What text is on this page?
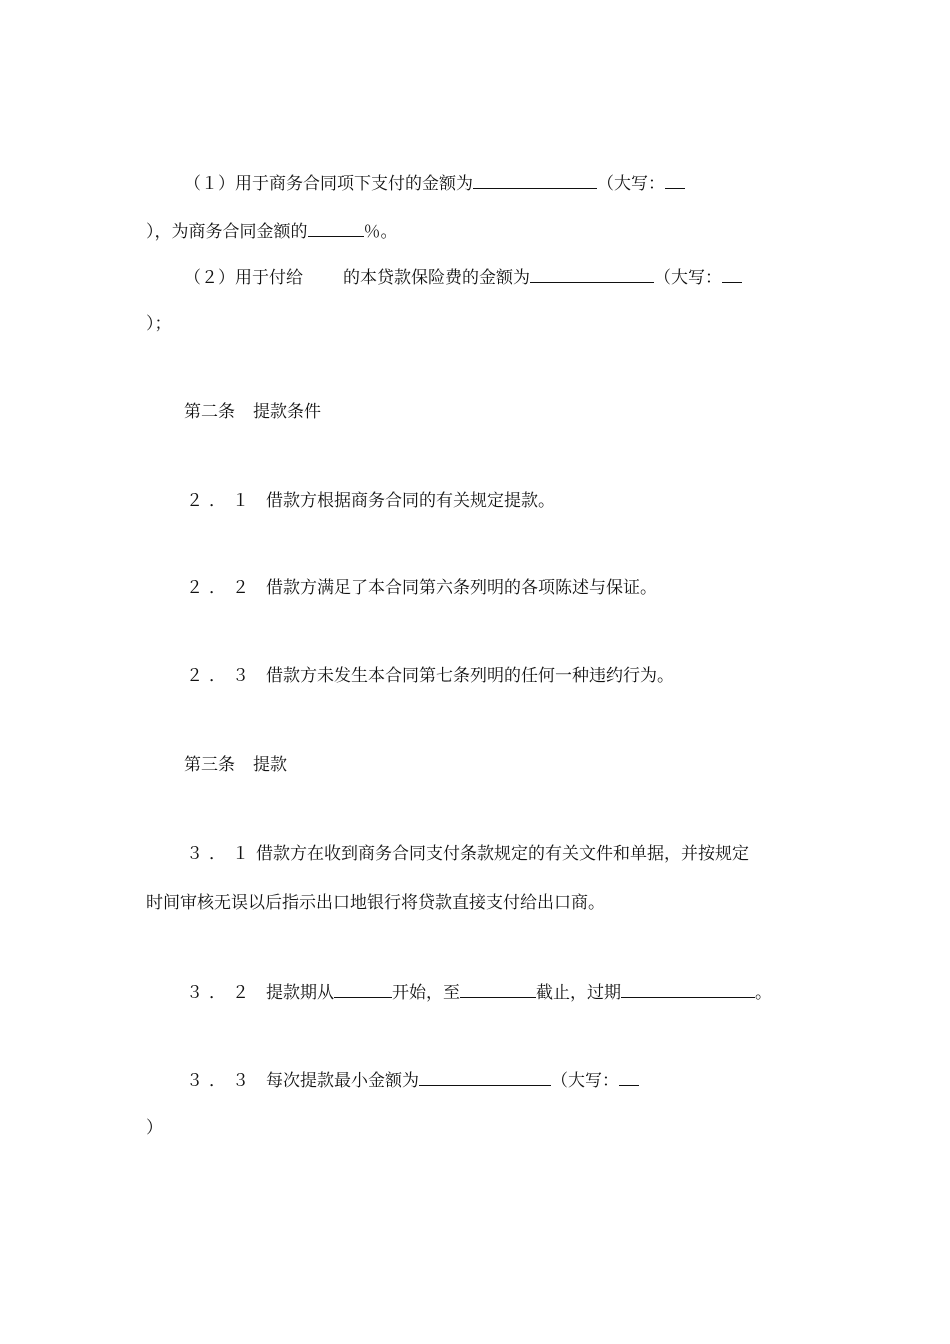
（１）用于商务合同项下支付的金额为	（大写：
），为商务合同金额的	％。
（２）用于付给 的本贷款保险费的金额为	（大写：
）；
第二条 提款条件
２．１ 借款方根据商务合同的有关规定提款。
２．２ 借款方满足了本合同第六条列明的各项陈述与保证。
２．３ 借款方未发生本合同第七条列明的任何一种违约行为。
第三条 提款
３．１借款方在收到商务合同支付条款规定的有关文件和单据，并按规定
时间审核无误以后指示出口地银行将贷款直接支付给出口商。
３．２ 提款期从	开始，至	截止，过期	。
３．３ 每次提款最小金额为	（大写：
）
